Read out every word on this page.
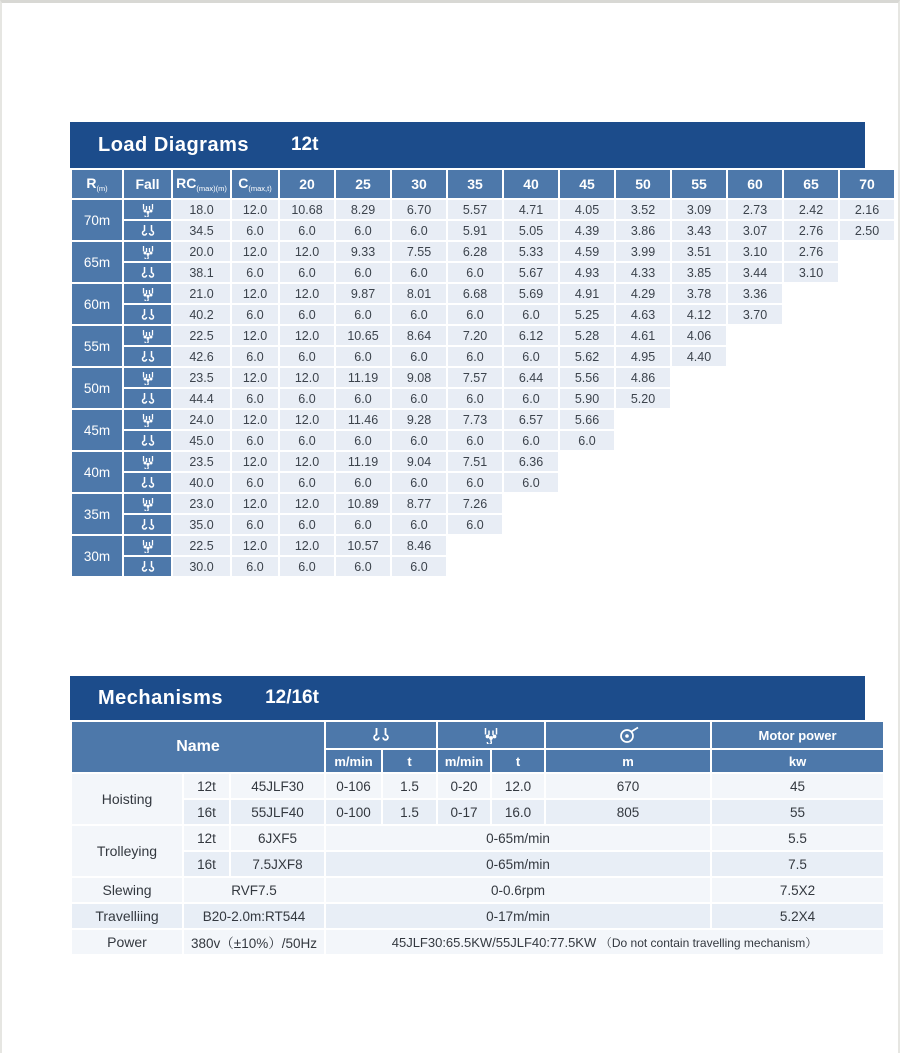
Load Diagrams 12t
$R_{(m)}$	Fall	$RC_{(max)(m)}$	$C_{(max,t)}$	20	25	30	35	40	45	50	55	60	65	70
70m		18.0	12.0	10.68	8.29	6.70	5.57	4.71	4.05	3.52	3.09	2.73	2.42	2.16

	34.5	6.0	6.0	6.0	6.0	5.91	5.05	4.39	3.86	3.43	3.07	2.76	2.50
65m		20.0	12.0	12.0	9.33	7.55	6.28	5.33	4.59	3.99	3.51	3.10	2.76	

	38.1	6.0	6.0	6.0	6.0	6.0	5.67	4.93	4.33	3.85	3.44	3.10	
60m		21.0	12.0	12.0	9.87	8.01	6.68	5.69	4.91	4.29	3.78	3.36		

	40.2	6.0	6.0	6.0	6.0	6.0	6.0	5.25	4.63	4.12	3.70		
55m		22.5	12.0	12.0	10.65	8.64	7.20	6.12	5.28	4.61	4.06			

	42.6	6.0	6.0	6.0	6.0	6.0	6.0	5.62	4.95	4.40			
50m		23.5	12.0	12.0	11.19	9.08	7.57	6.44	5.56	4.86				

	44.4	6.0	6.0	6.0	6.0	6.0	6.0	5.90	5.20				
45m		24.0	12.0	12.0	11.46	9.28	7.73	6.57	5.66					

	45.0	6.0	6.0	6.0	6.0	6.0	6.0	6.0					
40m		23.5	12.0	12.0	11.19	9.04	7.51	6.36						

	40.0	6.0	6.0	6.0	6.0	6.0	6.0						
35m		23.0	12.0	12.0	10.89	8.77	7.26							

	35.0	6.0	6.0	6.0	6.0	6.0							
30m		22.5	12.0	12.0	10.57	8.46								

	30.0	6.0	6.0	6.0	6.0								
Mechanisms 12/16t
Name								Motor power
			m/min	t	m/min	t	m	kw
Hoisting	12t	45JLF30	0-106	1.5	0-20	12.0	670	45
	16t	55JLF40	0-100	1.5	0-17	16.0	805	55
Trolleying	12t	6JXF5	0-65m/min					5.5
	16t	7.5JXF8	0-65m/min					7.5
Slewing	RVF7.5		0-0.6rpm					7.5X2
Travelliing	B20-2.0m:RT544		0-17m/min					5.2X4
Power	380v（±10%）/50Hz		45JLF30:65.5KW/55JLF40:77.5KW （Do not contain travelling mechanism）					
